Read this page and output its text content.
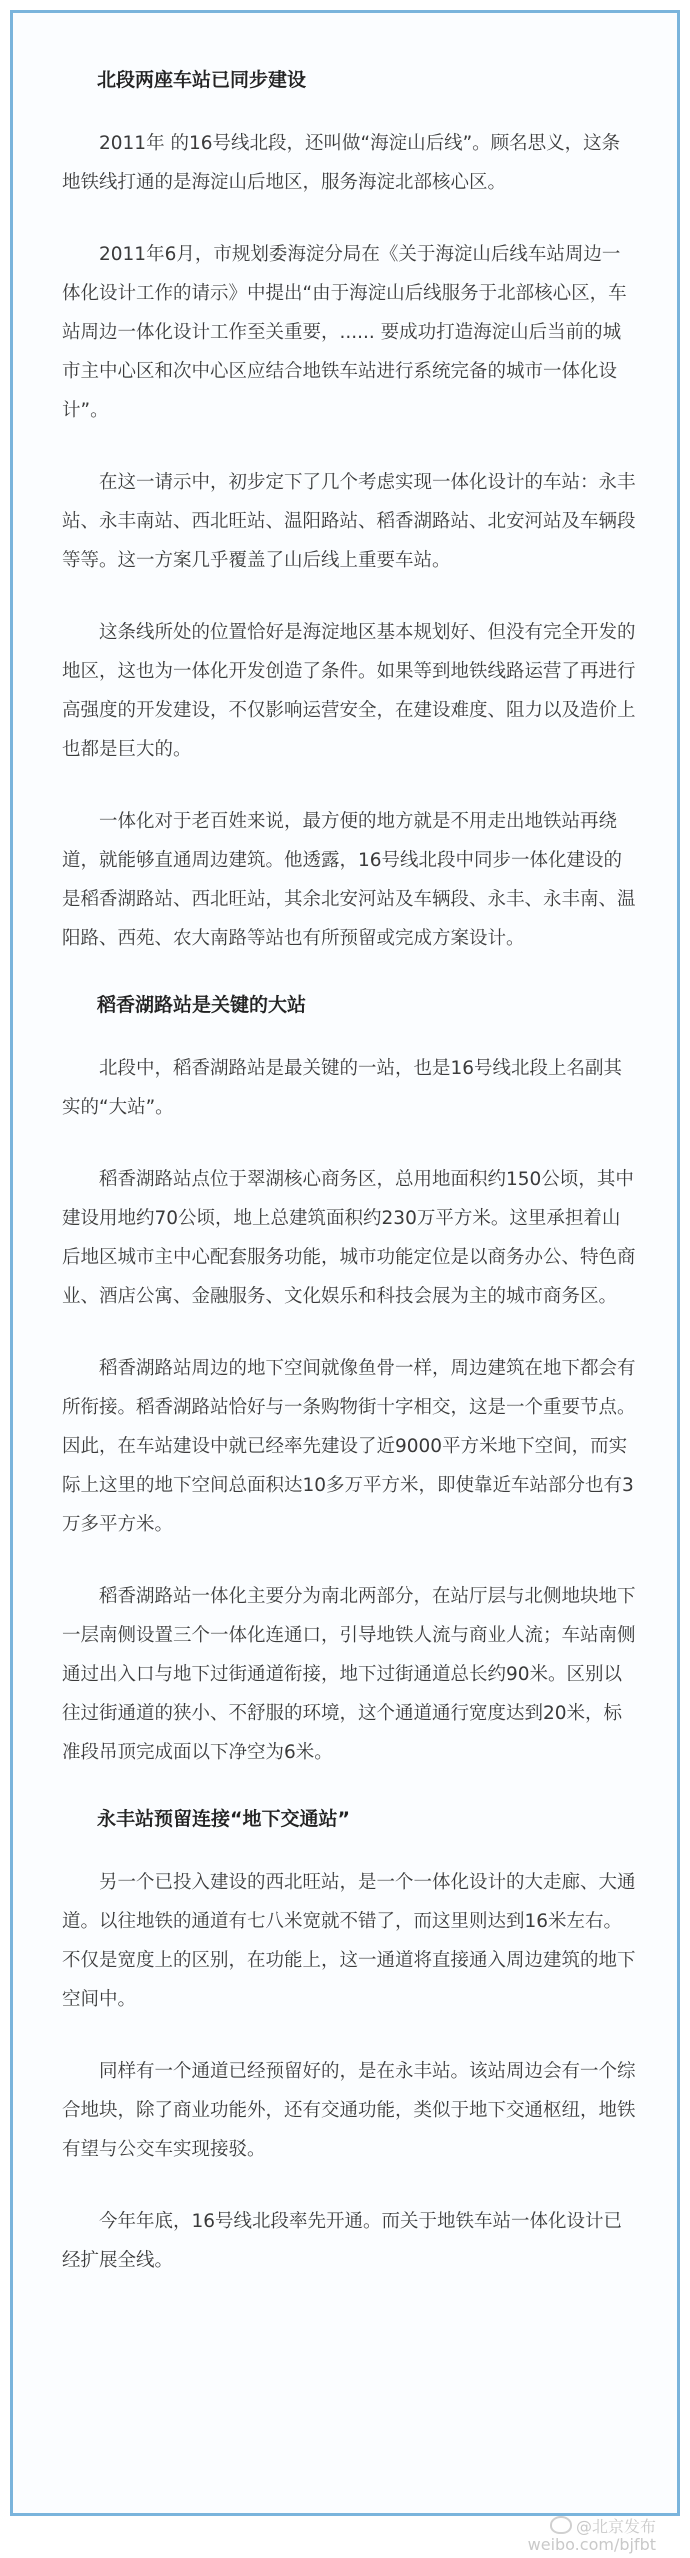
北段两座车站已同步建设

2011年 的16号线北段，还叫做“海淀山后线”。顾名思义，这条地铁线打通的是海淀山后地区，服务海淀北部核心区。

2011年6月，市规划委海淀分局在《关于海淀山后线车站周边一体化设计工作的请示》中提出“由于海淀山后线服务于北部核心区，车站周边一体化设计工作至关重要，...... 要成功打造海淀山后当前的城市主中心区和次中心区应结合地铁车站进行系统完备的城市一体化设计”。

在这一请示中，初步定下了几个考虑实现一体化设计的车站：永丰站、永丰南站、西北旺站、温阳路站、稻香湖路站、北安河站及车辆段等等。这一方案几乎覆盖了山后线上重要车站。

这条线所处的位置恰好是海淀地区基本规划好、但没有完全开发的地区，这也为一体化开发创造了条件。如果等到地铁线路运营了再进行高强度的开发建设，不仅影响运营安全，在建设难度、阻力以及造价上也都是巨大的。

一体化对于老百姓来说，最方便的地方就是不用走出地铁站再绕道，就能够直通周边建筑。他透露，16号线北段中同步一体化建设的是稻香湖路站、西北旺站，其余北安河站及车辆段、永丰、永丰南、温阳路、西苑、农大南路等站也有所预留或完成方案设计。

稻香湖路站是关键的大站

北段中，稻香湖路站是最关键的一站，也是16号线北段上名副其实的“大站”。

稻香湖路站点位于翠湖核心商务区，总用地面积约150公顷，其中建设用地约70公顷，地上总建筑面积约230万平方米。这里承担着山后地区城市主中心配套服务功能，城市功能定位是以商务办公、特色商业、酒店公寓、金融服务、文化娱乐和科技会展为主的城市商务区。

稻香湖路站周边的地下空间就像鱼骨一样，周边建筑在地下都会有所衔接。稻香湖路站恰好与一条购物街十字相交，这是一个重要节点。因此，在车站建设中就已经率先建设了近9000平方米地下空间，而实际上这里的地下空间总面积达10多万平方米，即使靠近车站部分也有3万多平方米。

稻香湖路站一体化主要分为南北两部分，在站厅层与北侧地块地下一层南侧设置三个一体化连通口，引导地铁人流与商业人流；车站南侧通过出入口与地下过街通道衔接，地下过街通道总长约90米。区别以往过街通道的狭小、不舒服的环境，这个通道通行宽度达到20米，标准段吊顶完成面以下净空为6米。

永丰站预留连接“地下交通站”

另一个已投入建设的西北旺站，是一个一体化设计的大走廊、大通道。以往地铁的通道有七八米宽就不错了，而这里则达到16米左右。不仅是宽度上的区别，在功能上，这一通道将直接通入周边建筑的地下空间中。

同样有一个通道已经预留好的，是在永丰站。该站周边会有一个综合地块，除了商业功能外，还有交通功能，类似于地下交通枢纽，地铁有望与公交车实现接驳。

今年年底，16号线北段率先开通。而关于地铁车站一体化设计已经扩展全线。

@北京发布
weibo.com/bjfbt
